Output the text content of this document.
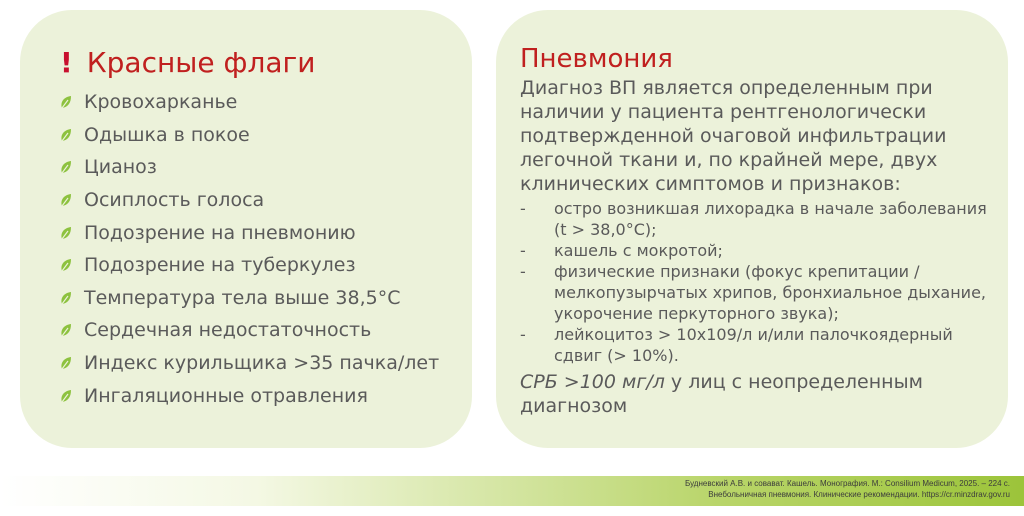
! Красные флаги
Кровохарканье
Одышка в покое
Цианоз
Осиплость голоса
Подозрение на пневмонию
Подозрение на туберкулез
Температура тела выше 38,5°С
Сердечная недостаточность
Индекс курильщика >35 пачка/лет
Ингаляционные отравления
Пневмония
Диагноз ВП является определенным при наличии у пациента рентгенологически подтвержденной очаговой инфильтрации легочной ткани и, по крайней мере, двух клинических симптомов и признаков:
-	остро возникшая лихорадка в начале заболевания (t > 38,0°C);
-	кашель с мокротой;
-	физические признаки (фокус крепитации /мелкопузырчатых хрипов, бронхиальное дыхание, укорочение перкуторного звука);
-	лейкоцитоз > 10х109/л и/или палочкоядерный сдвиг (> 10%).
СРБ >100 мг/л у лиц с неопределенным диагнозом
Будневский А.В. и совават. Кашель. Монография. М.: Consilium Medicum, 2025. – 224 с.
Внебольничная пневмония. Клинические рекомендации. https://cr.minzdrav.gov.ru
